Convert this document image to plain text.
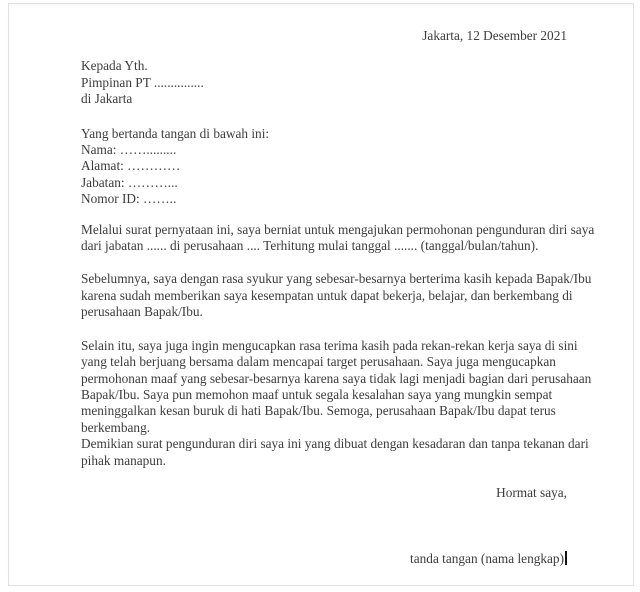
Jakarta, 12 Desember 2021
Kepada Yth.
Pimpinan PT ...............
di Jakarta
Yang bertanda tangan di bawah ini:
Nama: …….........
Alamat: …………
Jabatan: ………...
Nomor ID: ……..
Melalui surat pernyataan ini, saya berniat untuk mengajukan permohonan pengunduran diri saya
dari jabatan ...... di perusahaan .... Terhitung mulai tanggal ....... (tanggal/bulan/tahun).
Sebelumnya, saya dengan rasa syukur yang sebesar-besarnya berterima kasih kepada Bapak/Ibu
karena sudah memberikan saya kesempatan untuk dapat bekerja, belajar, dan berkembang di
perusahaan Bapak/Ibu.
Selain itu, saya juga ingin mengucapkan rasa terima kasih pada rekan-rekan kerja saya di sini
yang telah berjuang bersama dalam mencapai target perusahaan. Saya juga mengucapkan
permohonan maaf yang sebesar-besarnya karena saya tidak lagi menjadi bagian dari perusahaan
Bapak/Ibu. Saya pun memohon maaf untuk segala kesalahan saya yang mungkin sempat
meninggalkan kesan buruk di hati Bapak/Ibu. Semoga, perusahaan Bapak/Ibu dapat terus
berkembang.
Demikian surat pengunduran diri saya ini yang dibuat dengan kesadaran dan tanpa tekanan dari
pihak manapun.
Hormat saya,
tanda tangan (nama lengkap)
